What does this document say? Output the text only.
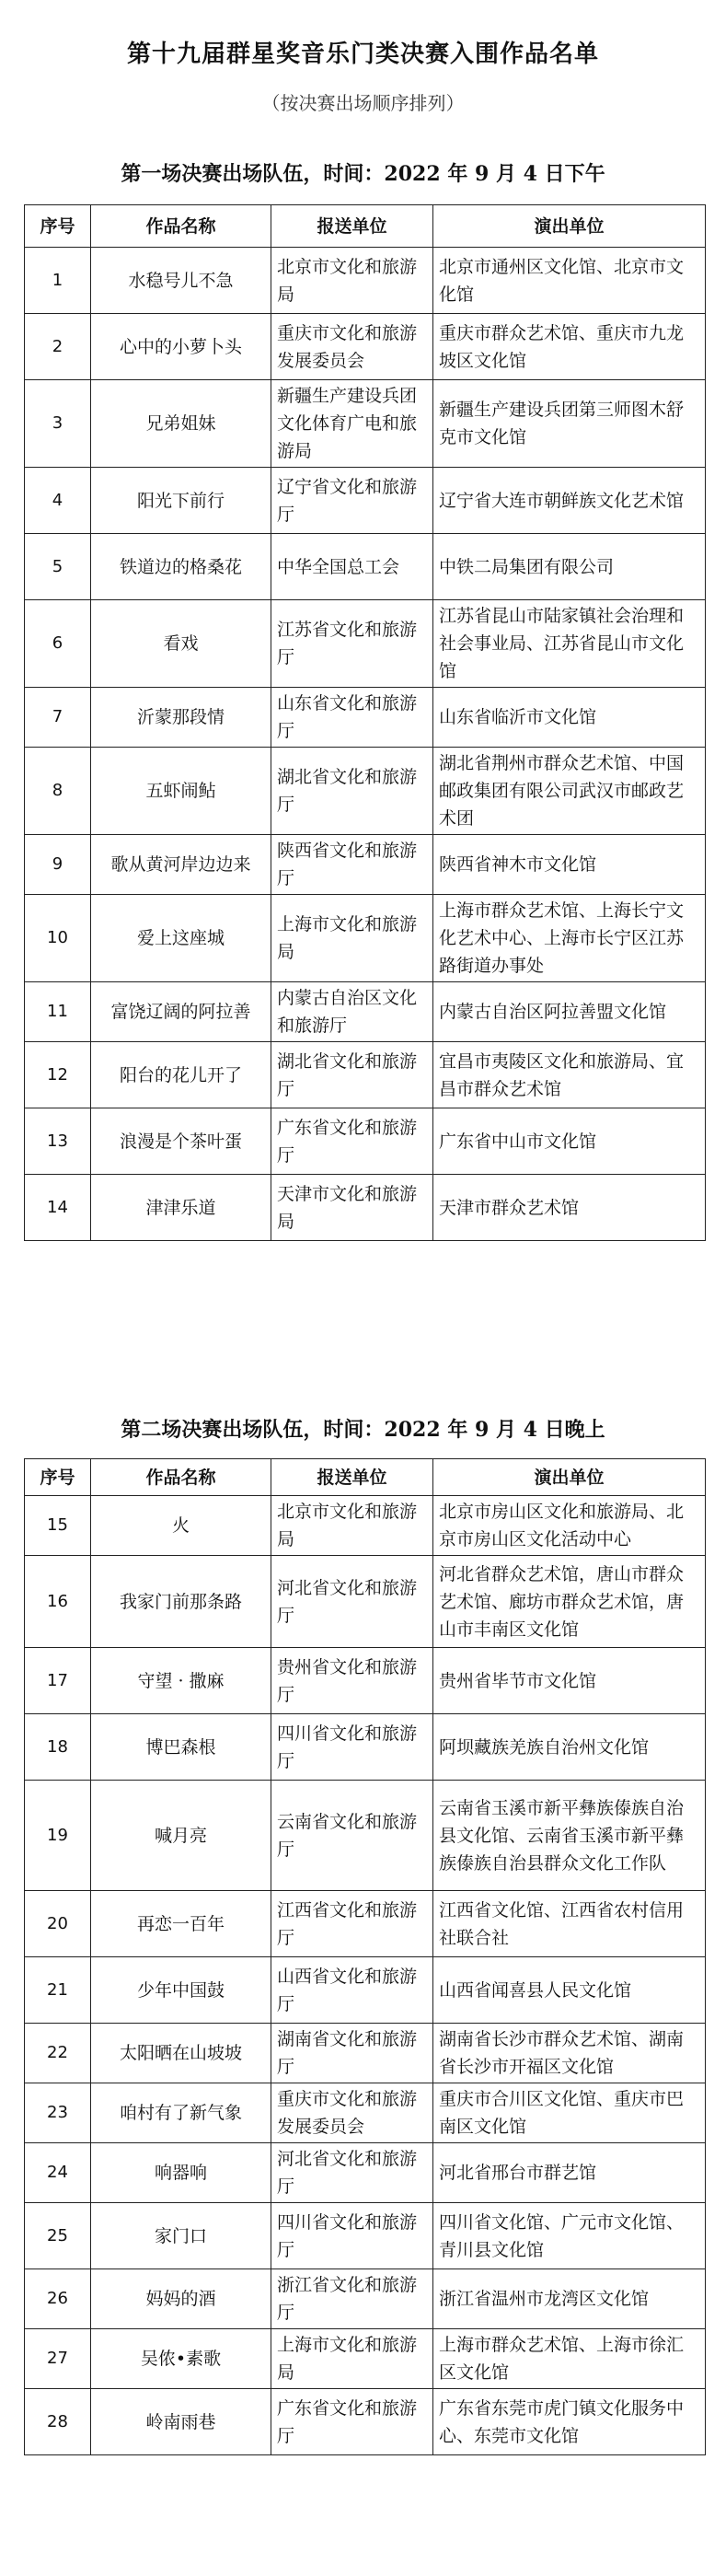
第十九届群星奖音乐门类决赛入围作品名单
（按决赛出场顺序排列）
第一场决赛出场队伍，时间：2022 年 9 月 4 日下午
序号	作品名称	报送单位	演出单位
1	水稳号儿不急	北京市文化和旅游局	北京市通州区文化馆、北京市文化馆
2	心中的小萝卜头	重庆市文化和旅游发展委员会	重庆市群众艺术馆、重庆市九龙坡区文化馆
3	兄弟姐妹	新疆生产建设兵团文化体育广电和旅游局	新疆生产建设兵团第三师图木舒克市文化馆
4	阳光下前行	辽宁省文化和旅游厅	辽宁省大连市朝鲜族文化艺术馆
5	铁道边的格桑花	中华全国总工会	中铁二局集团有限公司
6	看戏	江苏省文化和旅游厅	江苏省昆山市陆家镇社会治理和社会事业局、江苏省昆山市文化馆
7	沂蒙那段情	山东省文化和旅游厅	山东省临沂市文化馆
8	五虾闹鲇	湖北省文化和旅游厅	湖北省荆州市群众艺术馆、中国邮政集团有限公司武汉市邮政艺术团
9	歌从黄河岸边边来	陕西省文化和旅游厅	陕西省神木市文化馆
10	爱上这座城	上海市文化和旅游局	上海市群众艺术馆、上海长宁文化艺术中心、上海市长宁区江苏路街道办事处
11	富饶辽阔的阿拉善	内蒙古自治区文化和旅游厅	内蒙古自治区阿拉善盟文化馆
12	阳台的花儿开了	湖北省文化和旅游厅	宜昌市夷陵区文化和旅游局、宜昌市群众艺术馆
13	浪漫是个茶叶蛋	广东省文化和旅游厅	广东省中山市文化馆
14	津津乐道	天津市文化和旅游局	天津市群众艺术馆
第二场决赛出场队伍，时间：2022 年 9 月 4 日晚上
序号	作品名称	报送单位	演出单位
15	火	北京市文化和旅游局	北京市房山区文化和旅游局、北京市房山区文化活动中心
16	我家门前那条路	河北省文化和旅游厅	河北省群众艺术馆，唐山市群众艺术馆、廊坊市群众艺术馆，唐山市丰南区文化馆
17	守望 · 撒麻	贵州省文化和旅游厅	贵州省毕节市文化馆
18	博巴森根	四川省文化和旅游厅	阿坝藏族羌族自治州文化馆
19	喊月亮	云南省文化和旅游厅	云南省玉溪市新平彝族傣族自治县文化馆、云南省玉溪市新平彝族傣族自治县群众文化工作队
20	再恋一百年	江西省文化和旅游厅	江西省文化馆、江西省农村信用社联合社
21	少年中国鼓	山西省文化和旅游厅	山西省闻喜县人民文化馆
22	太阳晒在山坡坡	湖南省文化和旅游厅	湖南省长沙市群众艺术馆、湖南省长沙市开福区文化馆
23	咱村有了新气象	重庆市文化和旅游发展委员会	重庆市合川区文化馆、重庆市巴南区文化馆
24	响器响	河北省文化和旅游厅	河北省邢台市群艺馆
25	家门口	四川省文化和旅游厅	四川省文化馆、广元市文化馆、青川县文化馆
26	妈妈的酒	浙江省文化和旅游厅	浙江省温州市龙湾区文化馆
27	吴侬•素歌	上海市文化和旅游局	上海市群众艺术馆、上海市徐汇区文化馆
28	岭南雨巷	广东省文化和旅游厅	广东省东莞市虎门镇文化服务中心、东莞市文化馆
